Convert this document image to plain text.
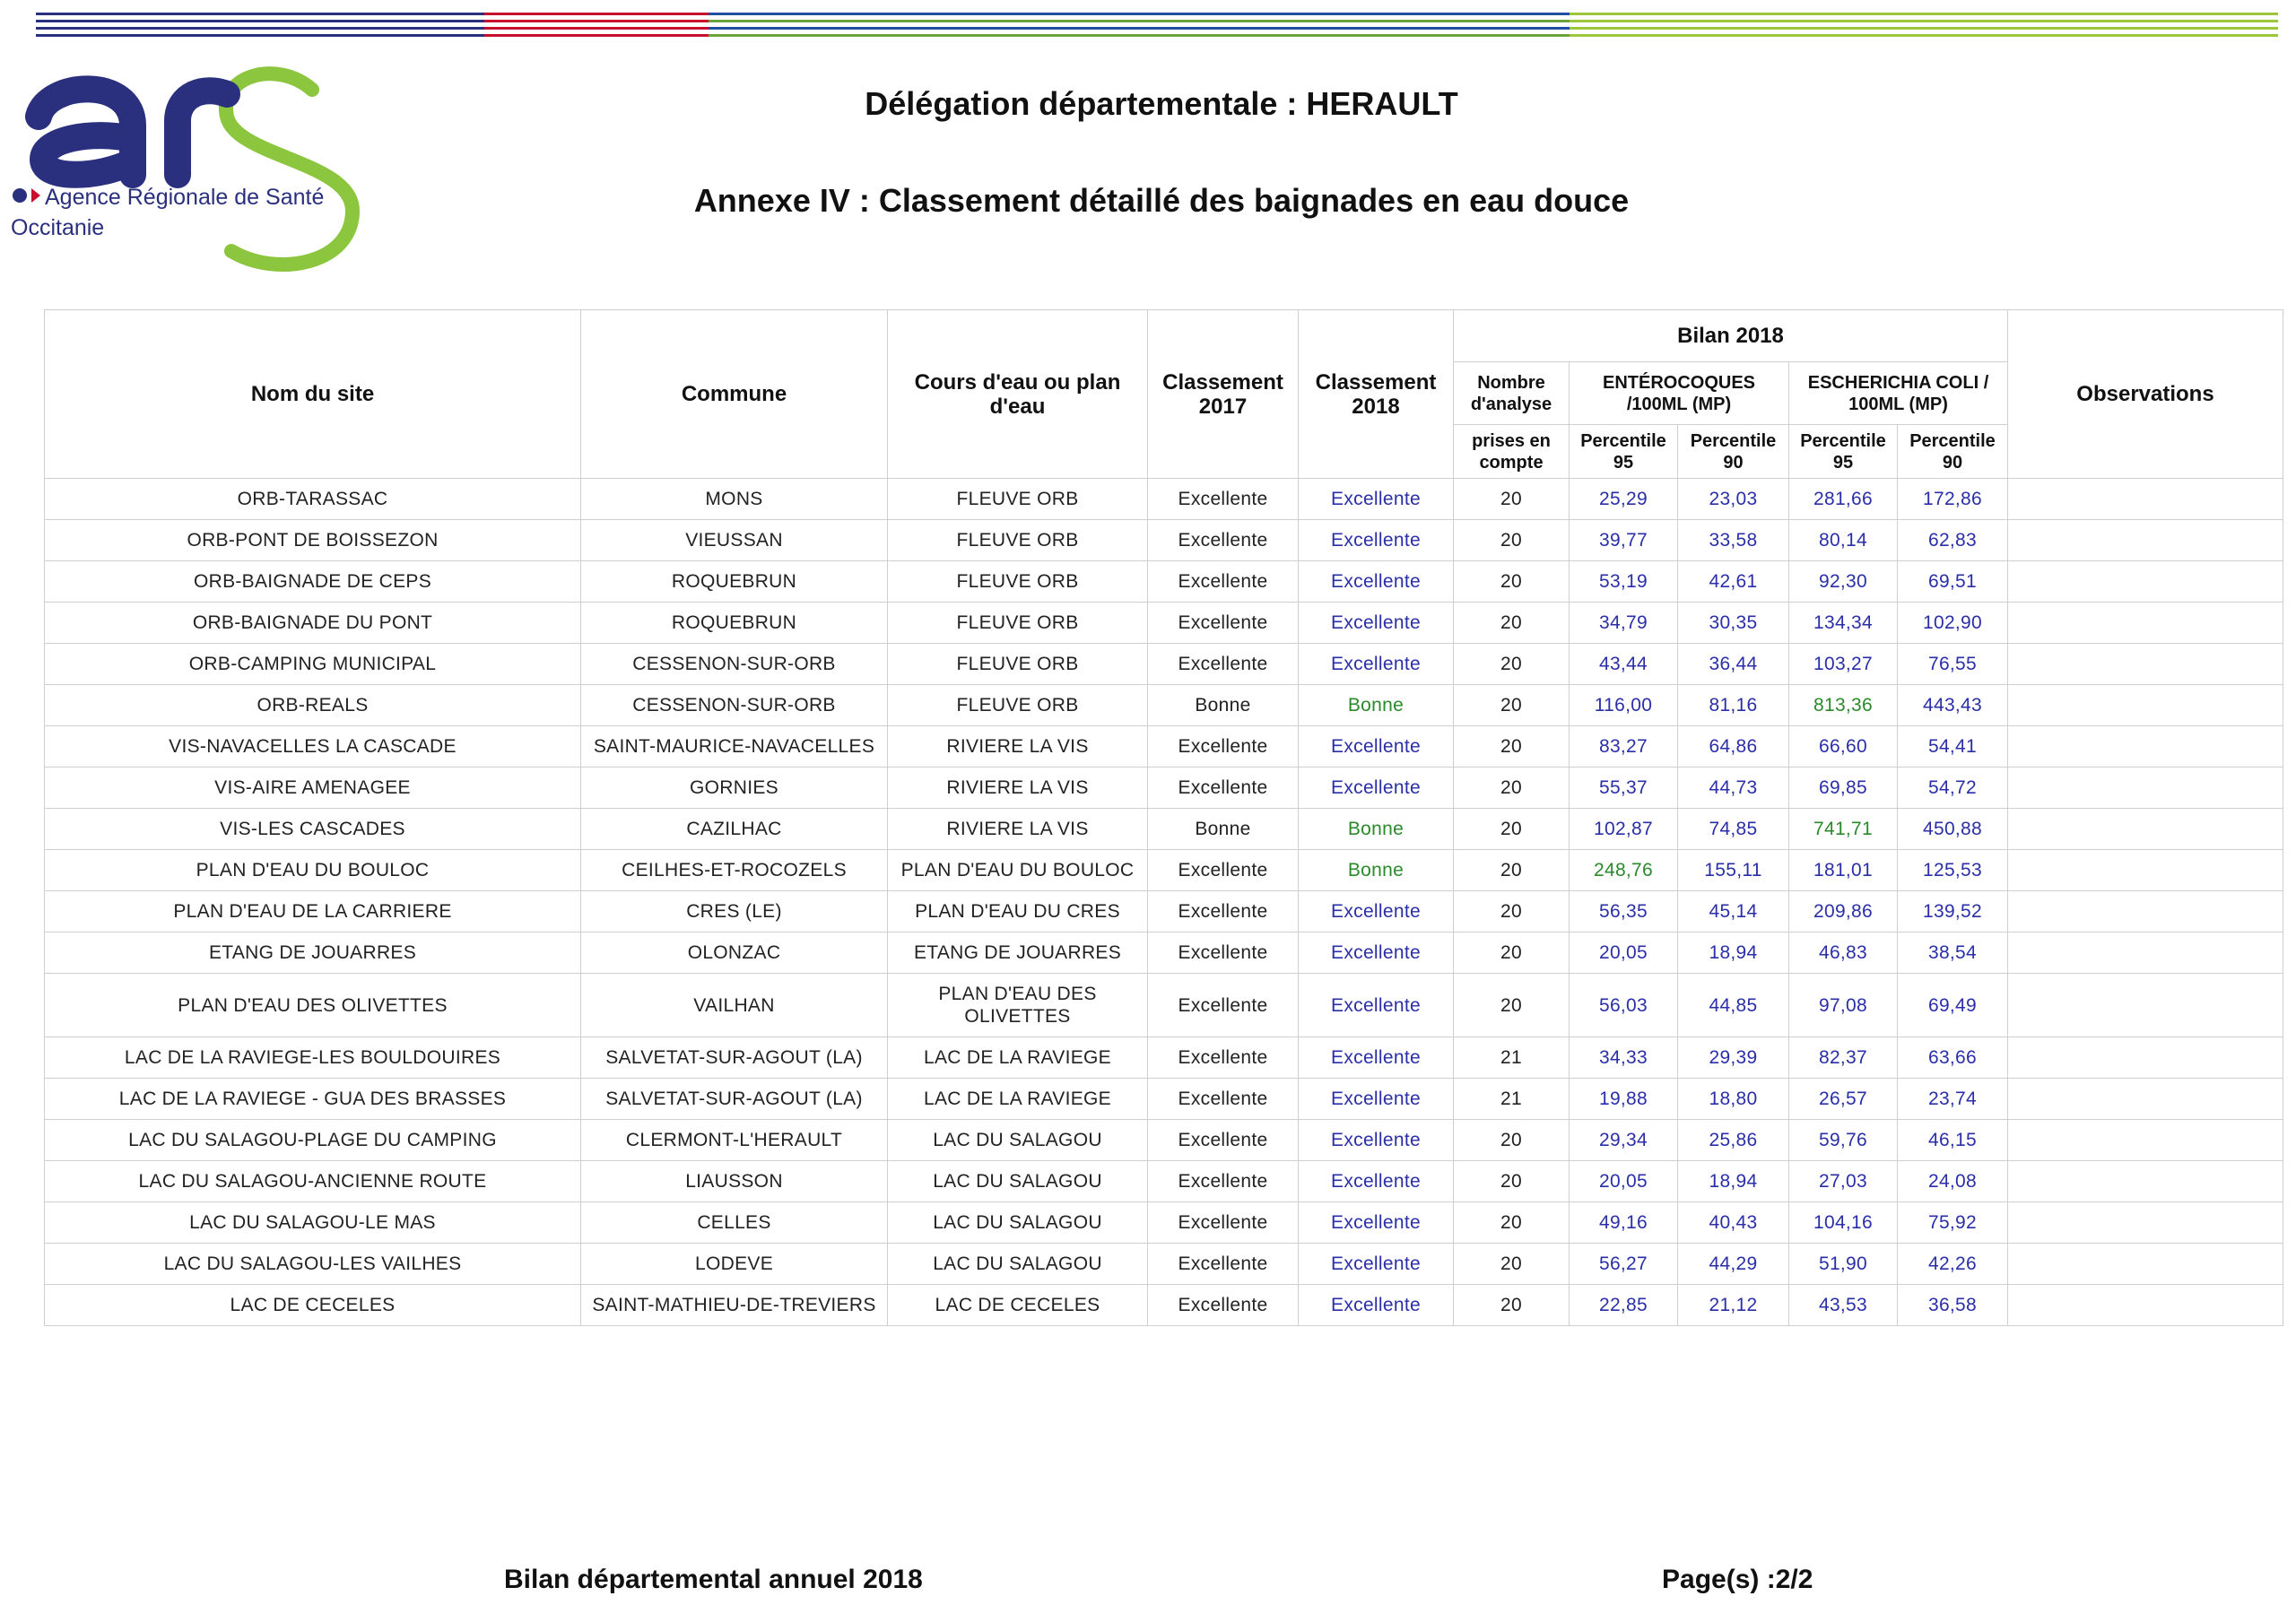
Agence Régionale de Santé
Occitanie
Délégation départementale : HERAULT
Annexe IV : Classement détaillé des baignades en eau douce
Nom du site	Commune	Cours d'eau ou plan d'eau	Classement 2017	Classement 2018	Bilan 2018					Observations
					Nombre d'analyse	ENTÉROCOQUES /100ML (MP)		ESCHERICHIA COLI / 100ML (MP)		
					prises en compte	Percentile 95	Percentile 90	Percentile 95	Percentile 90	
ORB-TARASSAC	MONS	FLEUVE ORB	Excellente	Excellente	20	25,29	23,03	281,66	172,86	
ORB-PONT DE BOISSEZON	VIEUSSAN	FLEUVE ORB	Excellente	Excellente	20	39,77	33,58	80,14	62,83	
ORB-BAIGNADE DE CEPS	ROQUEBRUN	FLEUVE ORB	Excellente	Excellente	20	53,19	42,61	92,30	69,51	
ORB-BAIGNADE DU PONT	ROQUEBRUN	FLEUVE ORB	Excellente	Excellente	20	34,79	30,35	134,34	102,90	
ORB-CAMPING MUNICIPAL	CESSENON-SUR-ORB	FLEUVE ORB	Excellente	Excellente	20	43,44	36,44	103,27	76,55	
ORB-REALS	CESSENON-SUR-ORB	FLEUVE ORB	Bonne	Bonne	20	116,00	81,16	813,36	443,43	
VIS-NAVACELLES LA CASCADE	SAINT-MAURICE-NAVACELLES	RIVIERE LA VIS	Excellente	Excellente	20	83,27	64,86	66,60	54,41	
VIS-AIRE AMENAGEE	GORNIES	RIVIERE LA VIS	Excellente	Excellente	20	55,37	44,73	69,85	54,72	
VIS-LES CASCADES	CAZILHAC	RIVIERE LA VIS	Bonne	Bonne	20	102,87	74,85	741,71	450,88	
PLAN D'EAU DU BOULOC	CEILHES-ET-ROCOZELS	PLAN D'EAU DU BOULOC	Excellente	Bonne	20	248,76	155,11	181,01	125,53	
PLAN D'EAU DE LA CARRIERE	CRES (LE)	PLAN D'EAU DU CRES	Excellente	Excellente	20	56,35	45,14	209,86	139,52	
ETANG DE JOUARRES	OLONZAC	ETANG DE JOUARRES	Excellente	Excellente	20	20,05	18,94	46,83	38,54	
PLAN D'EAU DES OLIVETTES	VAILHAN	PLAN D'EAU DES OLIVETTES	Excellente	Excellente	20	56,03	44,85	97,08	69,49	
LAC DE LA RAVIEGE-LES BOULDOUIRES	SALVETAT-SUR-AGOUT (LA)	LAC DE LA RAVIEGE	Excellente	Excellente	21	34,33	29,39	82,37	63,66	
LAC DE LA RAVIEGE - GUA DES BRASSES	SALVETAT-SUR-AGOUT (LA)	LAC DE LA RAVIEGE	Excellente	Excellente	21	19,88	18,80	26,57	23,74	
LAC DU SALAGOU-PLAGE DU CAMPING	CLERMONT-L'HERAULT	LAC DU SALAGOU	Excellente	Excellente	20	29,34	25,86	59,76	46,15	
LAC DU SALAGOU-ANCIENNE ROUTE	LIAUSSON	LAC DU SALAGOU	Excellente	Excellente	20	20,05	18,94	27,03	24,08	
LAC DU SALAGOU-LE MAS	CELLES	LAC DU SALAGOU	Excellente	Excellente	20	49,16	40,43	104,16	75,92	
LAC DU SALAGOU-LES VAILHES	LODEVE	LAC DU SALAGOU	Excellente	Excellente	20	56,27	44,29	51,90	42,26	
LAC DE CECELES	SAINT-MATHIEU-DE-TREVIERS	LAC DE CECELES	Excellente	Excellente	20	22,85	21,12	43,53	36,58	
Bilan départemental annuel 2018	Page(s) :2/2
